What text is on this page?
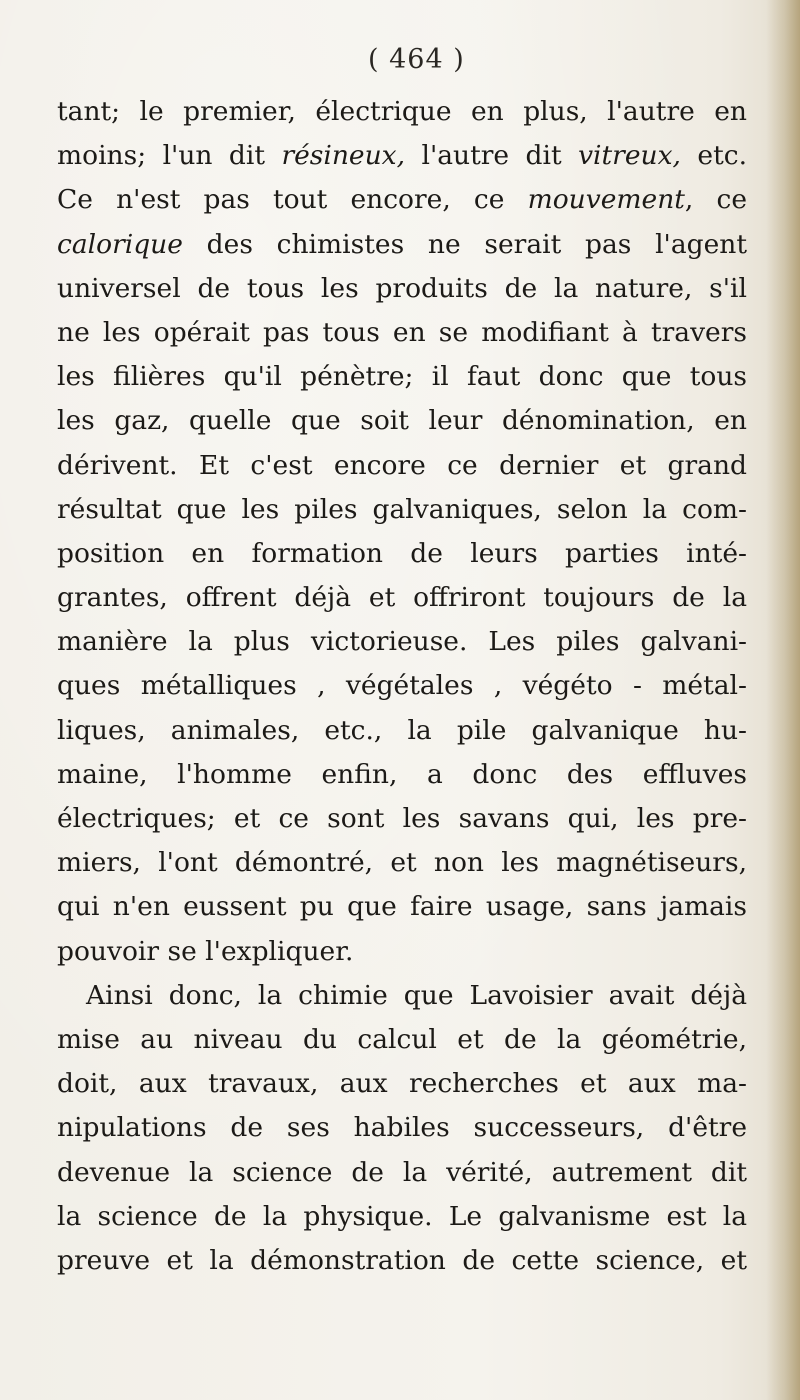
( 464 )
tant; le premier, électrique en plus, l'autre en
moins; l'un dit résineux, l'autre dit vitreux, etc.
Ce n'est pas tout encore, ce mouvement, ce
calorique des chimistes ne serait pas l'agent
universel de tous les produits de la nature, s'il
ne les opérait pas tous en se modifiant à travers
les filières qu'il pénètre; il faut donc que tous
les gaz, quelle que soit leur dénomination, en
dérivent. Et c'est encore ce dernier et grand
résultat que les piles galvaniques, selon la com-
position en formation de leurs parties inté-
grantes, offrent déjà et offriront toujours de la
manière la plus victorieuse. Les piles galvani-
ques métalliques , végétales , végéto - métal-
liques, animales, etc., la pile galvanique hu-
maine, l'homme enfin, a donc des effluves
électriques; et ce sont les savans qui, les pre-
miers, l'ont démontré, et non les magnétiseurs,
qui n'en eussent pu que faire usage, sans jamais
pouvoir se l'expliquer.
Ainsi donc, la chimie que Lavoisier avait déjà
mise au niveau du calcul et de la géométrie,
doit, aux travaux, aux recherches et aux ma-
nipulations de ses habiles successeurs, d'être
devenue la science de la vérité, autrement dit
la science de la physique. Le galvanisme est la
preuve et la démonstration de cette science, et
